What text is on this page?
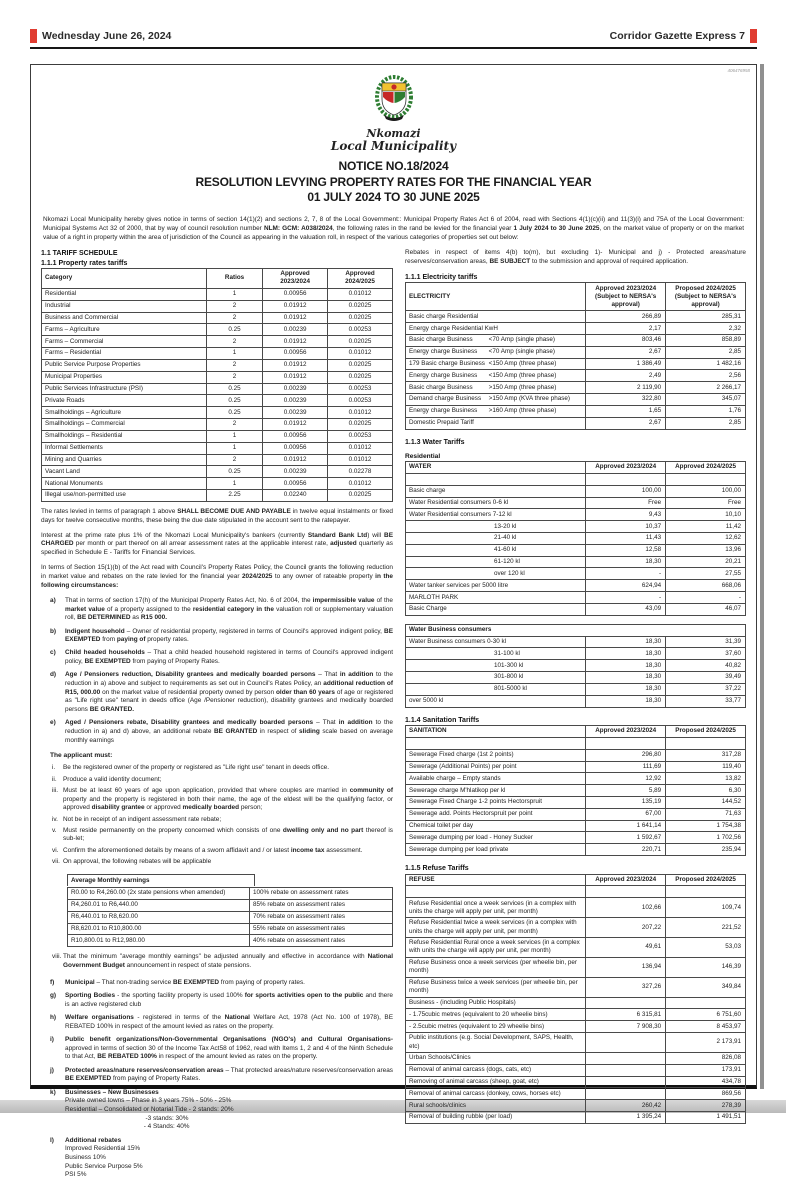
Wednesday June 26, 2024	Corridor Gazette Express 7
406476958
Nkomazi
Local Municipality
NOTICE NO.18/2024
RESOLUTION LEVYING PROPERTY RATES FOR THE FINANCIAL YEAR
01 JULY 2024 TO 30 JUNE 2025

Nkomazi Local Municipality hereby gives notice in terms of section 14(1)(2) and sections 2, 7, 8 of the Local Government:: Municipal Property Rates Act 6 of 2004, read with Sections 4(1)(c)(ii) and 11(3)(i) and 75A of the Local Government: Municipal Systems Act 32 of 2000, that by way of council resolution number NLM: GCM: A038/2024, the following rates in the rand be levied for the financial year 1 July 2024 to 30 June 2025, on the market value of property or on the market value of a right in property within the area of jurisdiction of the Council as appearing in the valuation roll, in respect of the various categories of properties set out below:

1.1 TARIFF SCHEDULE
1.1.1 Property rates tariffs
Category	Ratios	Approved 2023/2024	Approved 2024/2025
Residential	1	0.00956	0.01012
Industrial	2	0.01912	0.02025
Business and Commercial	2	0.01912	0.02025
Farms – Agriculture	0.25	0.00239	0.00253
Farms – Commercial	2	0.01912	0.02025
Farms – Residential	1	0.00956	0.01012
Public Service Purpose Properties	2	0.01912	0.02025
Municipal Properties	2	0.01912	0.02025
Public Services Infrastructure (PSI)	0.25	0.00239	0.00253
Private Roads	0.25	0.00239	0.00253
Smallholdings – Agriculture	0.25	0.00239	0.01012
Smallholdings – Commercial	2	0.01912	0.02025
Smallholdings – Residential	1	0.00956	0.00253
Informal Settlements	1	0.00956	0.01012
Mining and Quarries	2	0.01912	0.01012
Vacant Land	0.25	0.00239	0.02278
National Monuments	1	0.00956	0.01012
Illegal use/non-permitted use	2.25	0.02240	0.02025

The rates levied in terms of paragraph 1 above SHALL BECOME DUE AND PAYABLE in twelve equal instalments or fixed days for twelve consecutive months, these being the due date stipulated in the account sent to the ratepayer.

Interest at the prime rate plus 1% of the Nkomazi Local Municipality's bankers (currently Standard Bank Ltd) will BE CHARGED per month or part thereof on all arrear assessment rates at the applicable interest rate, adjusted quarterly as specified in Schedule E - Tariffs for Financial Services.

In terms of Section 15(1)(b) of the Act read with Council's Property Rates Policy, the Council grants the following reduction in market value and rebates on the rate levied for the financial year 2024/2025 to any owner of rateable property in the following circumstances:

a)	That in terms of section 17(h) of the Municipal Property Rates Act, No. 6 of 2004, the impermissible value of the market value of a property assigned to the residential category in the valuation roll or supplementary valuation roll, BE DETERMINED as R15 000.
b)	Indigent household – Owner of residential property, registered in terms of Council's approved indigent policy, BE EXEMPTED from paying of property rates.
c)	Child headed households – That a child headed household registered in terms of Council's approved indigent policy, BE EXEMPTED from paying of Property Rates.
d)	Age / Pensioners reduction, Disability grantees and medically boarded persons – That in addition to the reduction in a) above and subject to requirements as set out in Council's Rates Policy, an additional reduction of R15, 000.00 on the market value of residential property owned by person older than 60 years of age or registered as "Life right use" tenant in deeds office (Age /Pensioner reduction), disability grantees and medically boarded persons BE GRANTED.
e)	Aged / Pensioners rebate, Disability grantees and medically boarded persons – That in addition to the reduction in a) and d) above, an additional rebate BE GRANTED in respect of sliding scale based on average monthly earnings
The applicant must:
i.	Be the registered owner of the property or registered as "Life right use" tenant in deeds office.
ii. Produce a valid identity document;
iii. Must be at least 60 years of age upon application, provided that where couples are married in community of property and the property is registered in both their name, the age of the eldest will be the qualifying factor, or approved disability grantee or approved medically boarded person;
iv. Not be in receipt of an indigent assessment rate rebate;
v.	Must reside permanently on the property concerned which consists of one dwelling only and no part thereof is sub-let;
vi. Confirm the aforementioned details by means of a sworn affidavit and / or latest income tax assessment.
vii. On approval, the following rebates will be applicable
Average Monthly earnings
R0.00 to R4,260.00 (2x state pensions when amended)	100% rebate on assessment rates
R4,260.01 to R6,440.00	85% rebate on assessment rates
R6,440.01 to R8,620.00	70% rebate on assessment rates
R8,620.01 to R10,800.00	55% rebate on assessment rates
R10,800.01 to R12,980.00	40% rebate on assessment rates
viii. That the minimum "average monthly earnings" be adjusted annually and effective in accordance with National Government Budget announcement in respect of state pensions.
f)	Municipal – That non-trading service BE EXEMPTED from paying of property rates.
g)	Sporting Bodies - the sporting facility property is used 100% for sports activities open to the public and there is an active registered club
h)	Welfare organisations - registered in terms of the National Welfare Act, 1978 (Act No. 100 of 1978), BE REBATED 100% in respect of the amount levied as rates on the property.
i)	Public benefit organizations/Non-Governmental Organisations (NGO's) and Cultural Organisations- approved in terms of section 30 of the Income Tax Act58 of 1962, read with Items 1, 2 and 4 of the Ninth Schedule to that Act, BE REBATED 100% in respect of the amount levied as rates on the property.
j)	Protected areas/nature reserves/conservation areas – That protected areas/nature reserves/conservation areas BE EXEMPTED from paying of Property Rates.
k)	Businesses – New Businesses
Private owned towns – Phase in 3 years 75% - 50% - 25%
Residential – Consolidated or Notarial Tide - 2 stands: 20%
-3 stands: 30%
- 4 Stands: 40%
l)	Additional rebates
Improved Residential 15%
Business 10%
Public Service Purpose 5%
PSI 5%

Rebates in respect of items 4(b) to(m), but excluding 1)- Municipal and j) - Protected areas/nature reserves/conservation areas, BE SUBJECT to the submission and approval of required application.

1.1.1 Electricity tariffs
ELECTRICITY	Approved 2023/2024
(Subject to NERSA's
approval)	Proposed 2024/2025
(Subject to NERSA's
approval)
Basic charge Residential	266,89	285,31
Energy charge Residential KwH	2,17	2,32
Basic charge Business <70 Amp (single phase)	803,46	858,89
Energy charge Business <70 Amp (single phase)	2,67	2,85
179 Basic charge Business <150 Amp (three phase)	1 386,49	1 482,16
Energy charge Business <150 Amp (three phase)	2,49	2,56
Basic charge Business >150 Amp (three phase)	2 119,90	2 266,17
Demand charge Business >150 Amp (KVA three phase)	322,80	345,07
Energy charge Business >160 Amp (three phase)	1,65	1,76
Domestic Prepaid Tariff	2,67	2,85
1.1.3 Water Tariffs
Residential
WATER	Approved 2023/2024	Approved 2024/2025

Basic charge	100,00	100,00
Water Residential consumers 0-6 kl	Free	Free
Water Residential consumers 7-12 kl	9,43	10,10
13-20 kl	10,37	11,42
21-40 kl	11,43	12,62
41-60 kl	12,58	13,96
61-120 kl	18,30	20,21
over 120 kl	-	27,55
Water tanker services per 5000 litre	624,94	668,06
MARLOTH PARK	-	-
Basic Charge	43,09	46,07
Water Business consumers		
Water Business consumers 0-30 kl	18,30	31,39
31-100 kl	18,30	37,60
101-300 kl	18,30	40,82
301-800 kl	18,30	39,49
801-5000 kl	18,30	37,22
over 5000 kl	18,30	33,77
1.1.4 Sanitation Tariffs
SANITATION	Approved 2023/2024	Proposed 2024/2025

Sewerage Fixed charge (1st 2 points)	296,80	317,28
Sewerage (Additional Points) per point	111,69	119,40
Available charge – Empty stands	12,92	13,82
Sewerage charge M'hlatikop per kl	5,89	6,30
Sewerage Fixed Charge 1-2 points Hectorspruit	135,19	144,52
Sewerage add. Points Hectorspruit per point	67,00	71,63
Chemical toilet per day	1 641,14	1 754,38
Sewerage dumping per load - Honey Sucker	1 592,67	1 702,56
Sewerage dumping per load private	220,71	235,94
1.1.5 Refuse Tariffs
REFUSE	Approved 2023/2024	Proposed 2024/2025

Refuse Residential once a week services (in a complex with units the charge will apply per unit, per month)	102,66	109,74
Refuse Residential twice a week services (in a complex with units the charge will apply per unit, per month)	207,22	221,52
Refuse Residential Rural once a week services (in a complex with units the charge will apply per unit, per month)	49,61	53,03
Refuse Business once a week services (per wheelie bin, per month)	136,94	146,39
Refuse Business twice a week services (per wheelie bin, per month)	327,26	349,84
Business - (including Public Hospitals)		
- 1.75cubic metres (equivalent to 20 wheelie bins)	6 315,81	6 751,60
- 2.5cubic metres (equivalent to 29 wheelie bins)	7 908,30	8 453,97
Public institutions (e.g. Social Development, SAPS, Health, etc)		2 173,91
Urban Schools/Clinics		826,08
Removal of animal carcass (dogs, cats, etc)		173,91
Removing of animal carcass (sheep, goat, etc)		434,78
Removal of animal carcass (donkey, cows, horses etc)		869,56
Rural schools/clinics	260,42	278,39
Removal of building rubble (per load)	1 395,24	1 491,51
